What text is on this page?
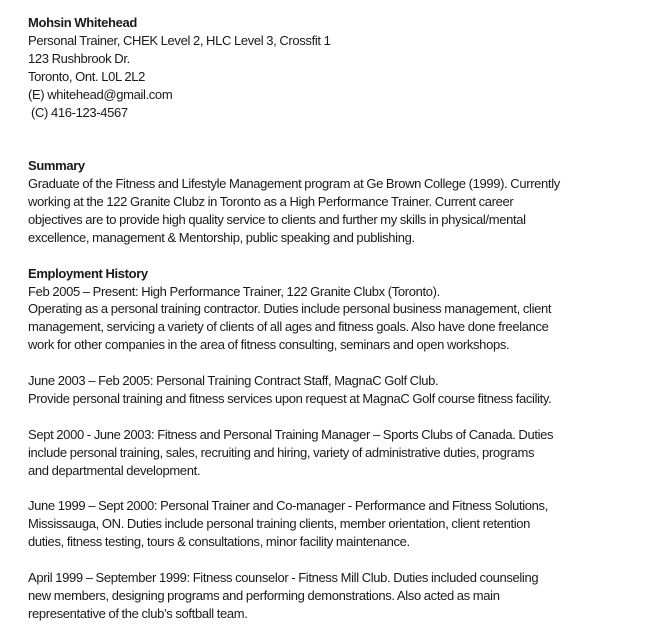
Mohsin Whitehead
Personal Trainer, CHEK Level 2, HLC Level 3, Crossfit 1
123 Rushbrook Dr.
Toronto, Ont. L0L 2L2
(E) whitehead@gmail.com
(C) 416-123-4567
Summary
Graduate of the Fitness and Lifestyle Management program at Ge Brown College (1999). Currently
working at the 122 Granite Clubz in Toronto as a High Performance Trainer. Current career
objectives are to provide high quality service to clients and further my skills in physical/mental
excellence, management & Mentorship, public speaking and publishing.
Employment History
Feb 2005 – Present: High Performance Trainer, 122 Granite Clubx (Toronto).
Operating as a personal training contractor. Duties include personal business management, client
management, servicing a variety of clients of all ages and fitness goals. Also have done freelance
work for other companies in the area of fitness consulting, seminars and open workshops.
June 2003 – Feb 2005: Personal Training Contract Staff, MagnaC Golf Club.
Provide personal training and fitness services upon request at MagnaC Golf course fitness facility.
Sept 2000 - June 2003: Fitness and Personal Training Manager – Sports Clubs of Canada. Duties
include personal training, sales, recruiting and hiring, variety of administrative duties, programs
and departmental development.
June 1999 – Sept 2000: Personal Trainer and Co-manager - Performance and Fitness Solutions,
Mississauga, ON. Duties include personal training clients, member orientation, client retention
duties, fitness testing, tours & consultations, minor facility maintenance.
April 1999 – September 1999: Fitness counselor - Fitness Mill Club. Duties included counseling
new members, designing programs and performing demonstrations. Also acted as main
representative of the club’s softball team.
